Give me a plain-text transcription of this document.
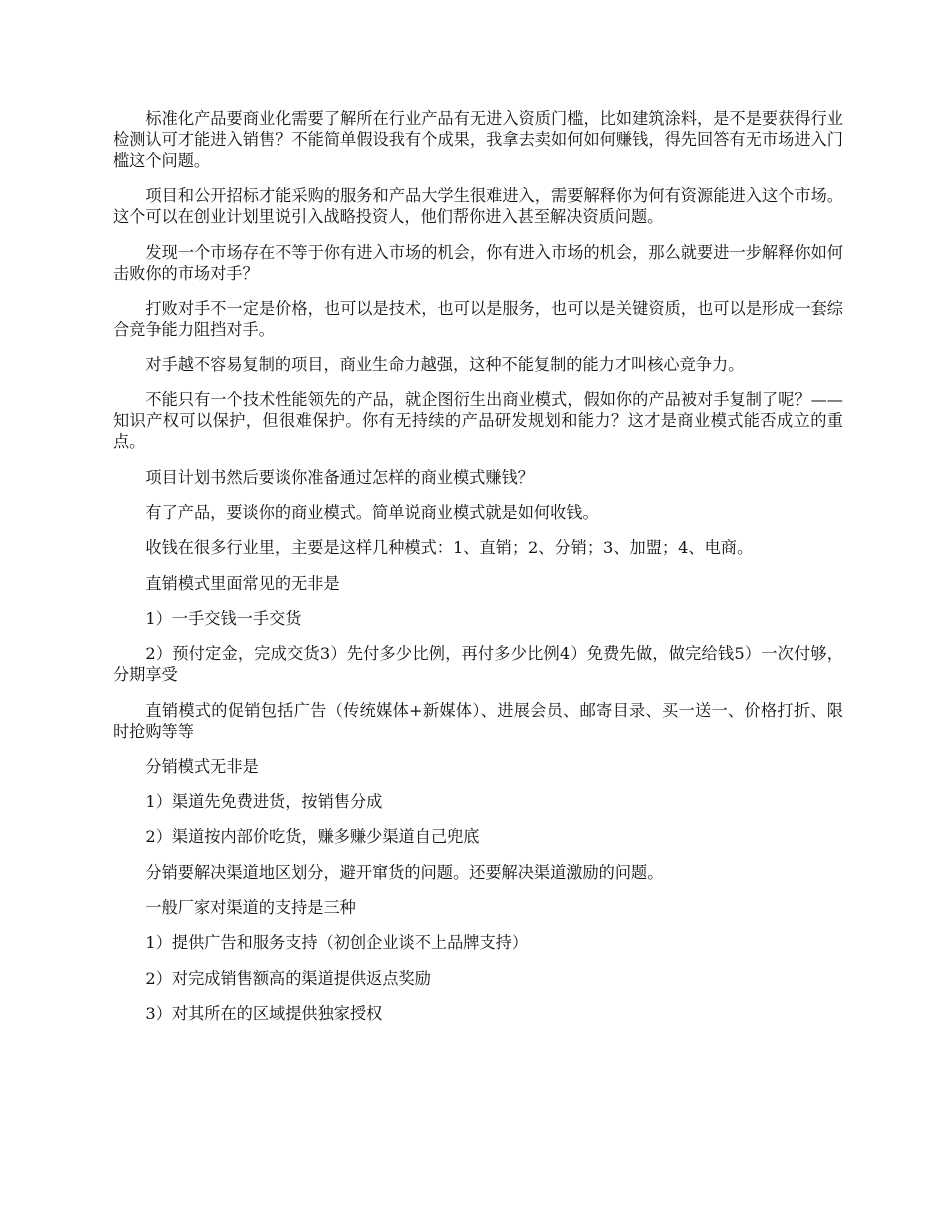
标准化产品要商业化需要了解所在行业产品有无进入资质门槛，比如建筑涂料，是不是要获得行业检测认可才能进入销售？不能简单假设我有个成果，我拿去卖如何如何赚钱，得先回答有无市场进入门槛这个问题。

项目和公开招标才能采购的服务和产品大学生很难进入，需要解释你为何有资源能进入这个市场。这个可以在创业计划里说引入战略投资人，他们帮你进入甚至解决资质问题。

发现一个市场存在不等于你有进入市场的机会，你有进入市场的机会，那么就要进一步解释你如何击败你的市场对手？

打败对手不一定是价格，也可以是技术，也可以是服务，也可以是关键资质，也可以是形成一套综合竞争能力阻挡对手。

对手越不容易复制的项目，商业生命力越强，这种不能复制的能力才叫核心竞争力。

不能只有一个技术性能领先的产品，就企图衍生出商业模式，假如你的产品被对手复制了呢？——知识产权可以保护，但很难保护。你有无持续的产品研发规划和能力？这才是商业模式能否成立的重点。

项目计划书然后要谈你准备通过怎样的商业模式赚钱？

有了产品，要谈你的商业模式。简单说商业模式就是如何收钱。

收钱在很多行业里，主要是这样几种模式：1、直销；2、分销；3、加盟；4、电商。

直销模式里面常见的无非是

1）一手交钱一手交货

2）预付定金，完成交货3）先付多少比例，再付多少比例4）免费先做，做完给钱5）一次付够，分期享受

直销模式的促销包括广告（传统媒体+新媒体）、进展会员、邮寄目录、买一送一、价格打折、限时抢购等等

分销模式无非是

1）渠道先免费进货，按销售分成

2）渠道按内部价吃货，赚多赚少渠道自己兜底

分销要解决渠道地区划分，避开窜货的问题。还要解决渠道激励的问题。

一般厂家对渠道的支持是三种

1）提供广告和服务支持（初创企业谈不上品牌支持）

2）对完成销售额高的渠道提供返点奖励

3）对其所在的区域提供独家授权
